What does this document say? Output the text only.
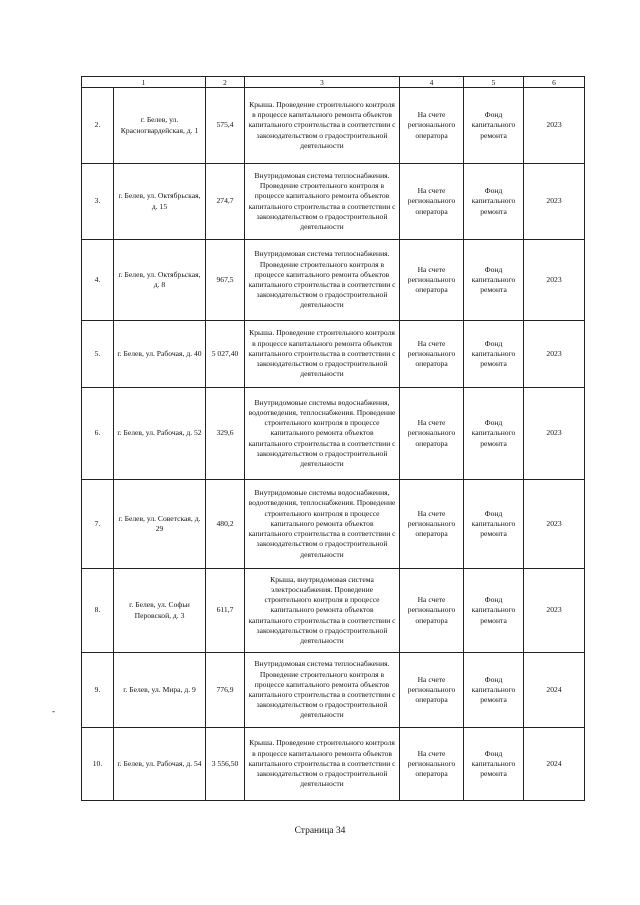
1		2	3	4	5	6
2.	г. Белев, ул. Красногвардейская, д. 1	575,4	Крыша. Проведение строительного контроля в процессе капитального ремонта объектов капитального строительства в соответствии с законодательством о градостроительной деятельности	На счете регионального оператора	Фонд капитального ремонта	2023
3.	г. Белев, ул. Октябрьская, д. 15	274,7	Внутридомовая система теплоснабжения. Проведение строительного контроля в процессе капитального ремонта объектов капитального строительства в соответствии с законодательством о градостроительной деятельности	На счете регионального оператора	Фонд капитального ремонта	2023
4.	г. Белев, ул. Октябрьская, д. 8	967,5	Внутридомовая система теплоснабжения. Проведение строительного контроля в процессе капитального ремонта объектов капитального строительства в соответствии с законодательством о градостроительной деятельности	На счете регионального оператора	Фонд капитального ремонта	2023
5.	г. Белев, ул. Рабочая, д. 40	5 027,40	Крыша. Проведение строительного контроля в процессе капитального ремонта объектов капитального строительства в соответствии с законодательством о градостроительной деятельности	На счете регионального оператора	Фонд капитального ремонта	2023
6.	г. Белев, ул. Рабочая, д. 52	329,6	Внутридомовые системы водоснабжения, водоотведения, теплоснабжения. Проведение строительного контроля в процессе капитального ремонта объектов капитального строительства в соответствии с законодательством о градостроительной деятельности	На счете регионального оператора	Фонд капитального ремонта	2023
7.	г. Белев, ул. Советская, д. 29	480,2	Внутридомовые системы водоснабжения, водоотведения, теплоснабжения. Проведение строительного контроля в процессе капитального ремонта объектов капитального строительства в соответствии с законодательством о градостроительной деятельности	На счете регионального оператора	Фонд капитального ремонта	2023
8.	г. Белев, ул. Софьи Перовской, д. 3	611,7	Крыша, внутридомовая система электроснабжения. Проведение строительного контроля в процессе капитального ремонта объектов капитального строительства в соответствии с законодательством о градостроительной деятельности	На счете регионального оператора	Фонд капитального ремонта	2023
9.	г. Белев, ул. Мира, д. 9	776,9	Внутридомовая система теплоснабжения. Проведение строительного контроля в процессе капитального ремонта объектов капитального строительства в соответствии с законодательством о градостроительной деятельности	На счете регионального оператора	Фонд капитального ремонта	2024
10.	г. Белев, ул. Рабочая, д. 54	3 556,50	Крыша. Проведение строительного контроля в процессе капитального ремонта объектов капитального строительства в соответствии с законодательством о градостроительной деятельности	На счете регионального оператора	Фонд капитального ремонта	2024
-
Страница 34
